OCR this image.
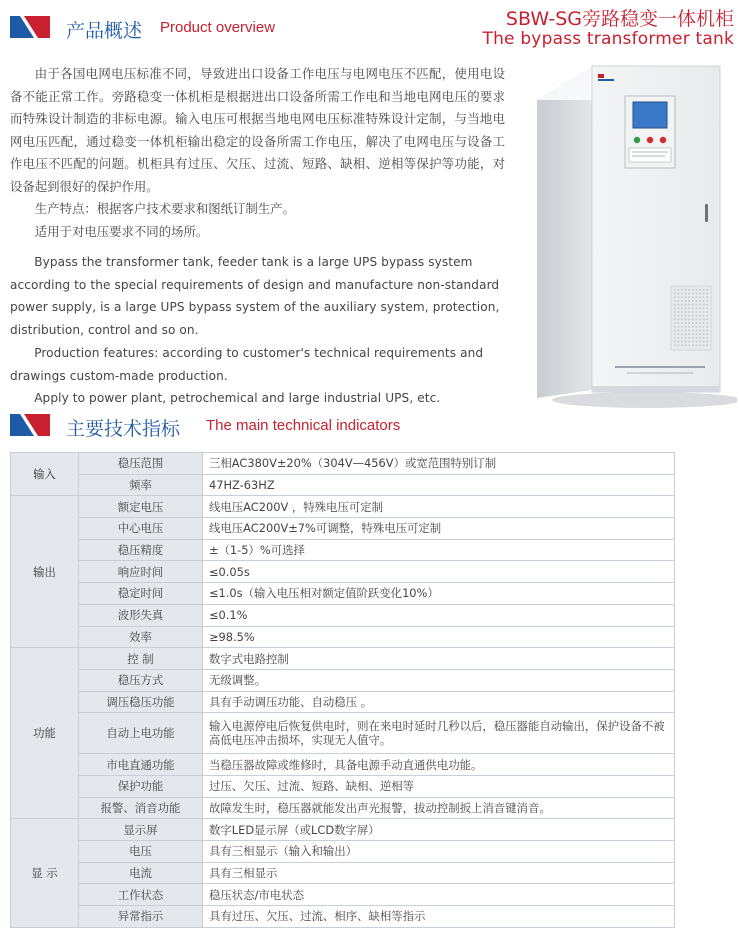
产品概述 Product overview	SBW-SG旁路稳变一体机柜
The bypass transformer tank

由于各国电网电压标准不同，导致进出口设备工作电压与电网电压不匹配，使用电设备不能正常工作。旁路稳变一体机柜是根据进出口设备所需工作电和当地电网电压的要求而特殊设计制造的非标电源。输入电压可根据当地电网电压标准特殊设计定制，与当地电网电压匹配，通过稳变一体机柜输出稳定的设备所需工作电压，解决了电网电压与设备工作电压不匹配的问题。机柜具有过压、欠压、过流、短路、缺相、逆相等保护等功能，对设备起到很好的保护作用。

生产特点：根据客户技术要求和图纸订制生产。

适用于对电压要求不同的场所。

Bypass the transformer tank, feeder tank is a large UPS bypass system according to the special requirements of design and manufacture non-standard power supply, is a large UPS bypass system of the auxiliary system, protection, distribution, control and so on.

Production features: according to customer's technical requirements and drawings custom-made production.

Apply to power plant, petrochemical and large industrial UPS, etc.

主要技术指标 The main technical indicators
输入	稳压范围	三相AC380V±20%（304V—456V）或宽范围特别订制
	频率	47HZ-63HZ
输出	额定电压	线电压AC200V ，特殊电压可定制
	中心电压	线电压AC200V±7%可调整，特殊电压可定制
	稳压精度	±（1-5）%可选择
	响应时间	≤0.05s
	稳定时间	≤1.0s（输入电压相对额定值阶跃变化10%）
	波形失真	≤0.1%
	效率	≥98.5%
功能	控 制	数字式电路控制
	稳压方式	无级调整。
	调压稳压功能	具有手动调压功能、自动稳压 。
	自动上电功能	输入电源停电后恢复供电时，则在来电时延时几秒以后，稳压器能自动输出，保护设备不被高低电压冲击损坏，实现无人值守。
	市电直通功能	当稳压器故障或维修时，具备电源手动直通供电功能。
	保护功能	过压、欠压、过流、短路、缺相、逆相等
	报警、消音功能	故障发生时，稳压器就能发出声光报警，拔动控制扳上消音键消音。
显 示	显示屏	数字LED显示屏（或LCD数字屏）
	电压	具有三相显示（输入和输出）
	电流	具有三相显示
	工作状态	稳压状态/市电状态
	异常指示	具有过压、欠压、过流、相序、缺相等指示
